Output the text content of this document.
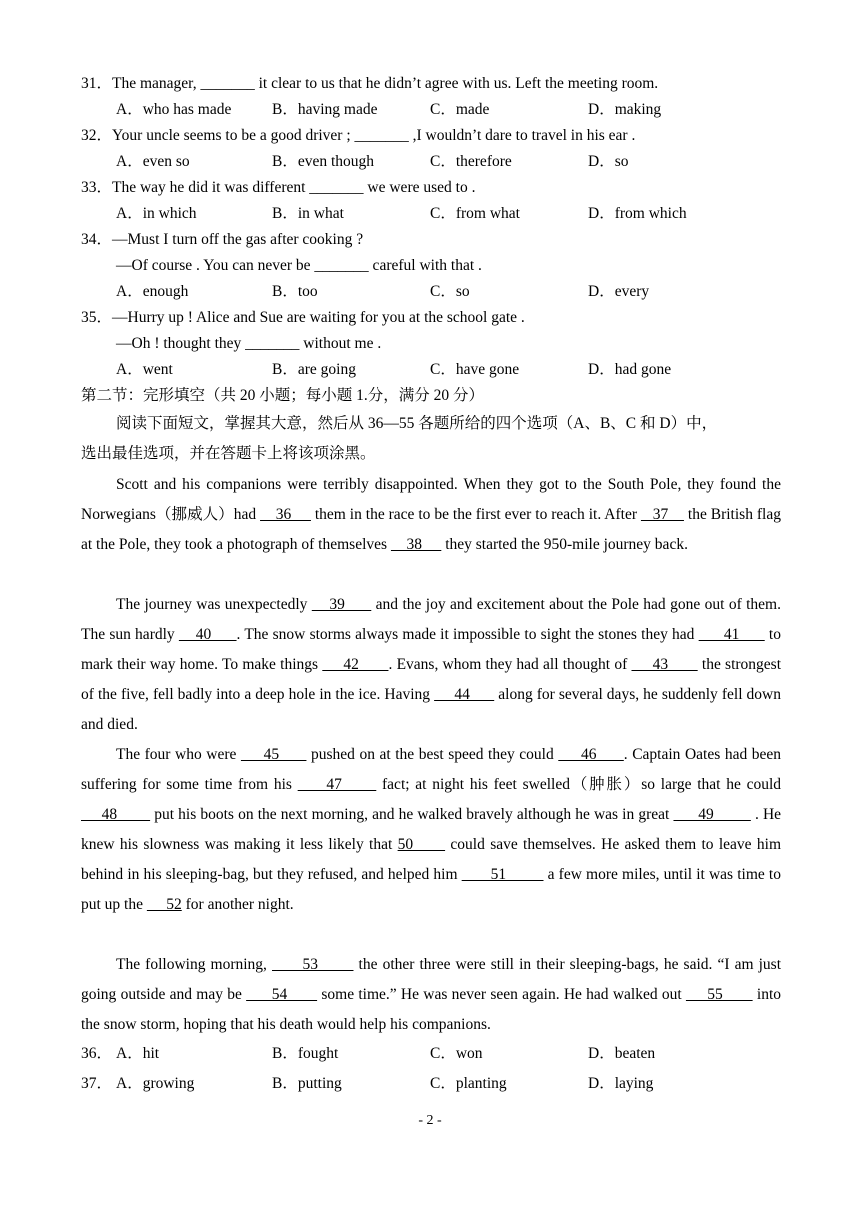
31．The manager, _______ it clear to us that he didn’t agree with us. Left the meeting room.
A．who has made	B．having made	C．made	D．making
32．Your uncle seems to be a good driver ; _______ ,I wouldn’t dare to travel in his ear .
A．even so	B．even though	C．therefore	D．so
33．The way he did it was different _______ we were used to .
A．in which	B．in what	C．from what	D．from which
34．—Must I turn off the gas after cooking ?
—Of course . You can never be _______ careful with that .
A．enough	B．too	C．so	D．every
35．—Hurry up ! Alice and Sue are waiting for you at the school gate .
—Oh ! thought they _______ without me .
A．went	B．are going	C．have gone	D．had gone
第二节：完形填空（共 20 小题；每小题 1.分，满分 20 分）
阅读下面短文，掌握其大意，然后从 36—55 各题所给的四个选项（A、B、C 和 D）中，
选出最佳选项，并在答题卡上将该项涂黑。
Scott and his companions were terribly disappointed. When they got to the South Pole, they found the Norwegians（挪威人）had     36      them in the race to be the first ever to reach it. After    37     the British flag at the Pole, they took a photograph of themselves     38      they started the 950-mile journey back.
The journey was unexpectedly     39       and the joy and excitement about the Pole had gone out of them. The sun hardly     40      . The snow storms always made it impossible to sight the stones they had       41       to mark their way home. To make things      42       . Evans, whom they had all thought of      43        the strongest of the five, fell badly into a deep hole in the ice. Having      44       along for several days, he suddenly fell down and died.
The four who were      45       pushed on at the best speed they could      46      . Captain Oates had been suffering for some time from his      47       fact; at night his feet swelled（肿胀）so large that he could      48         put his boots on the next morning, and he walked bravely although he was in great       49          . He knew his slowness was making it less likely that 50       could save themselves. He asked them to leave him behind in his sleeping-bag, but they refused, and helped him        51          a few more miles, until it was time to put up the      52 for another night.
The following morning,       53        the other three were still in their sleeping-bags, he said. “I am just going outside and may be       54        some time.” He was never seen again. He had walked out      55        into the snow storm, hoping that his death would help his companions.
36． A．hit	B．fought	C．won	D．beaten
37． A．growing	B．putting	C．planting	D．laying
- 2 -
